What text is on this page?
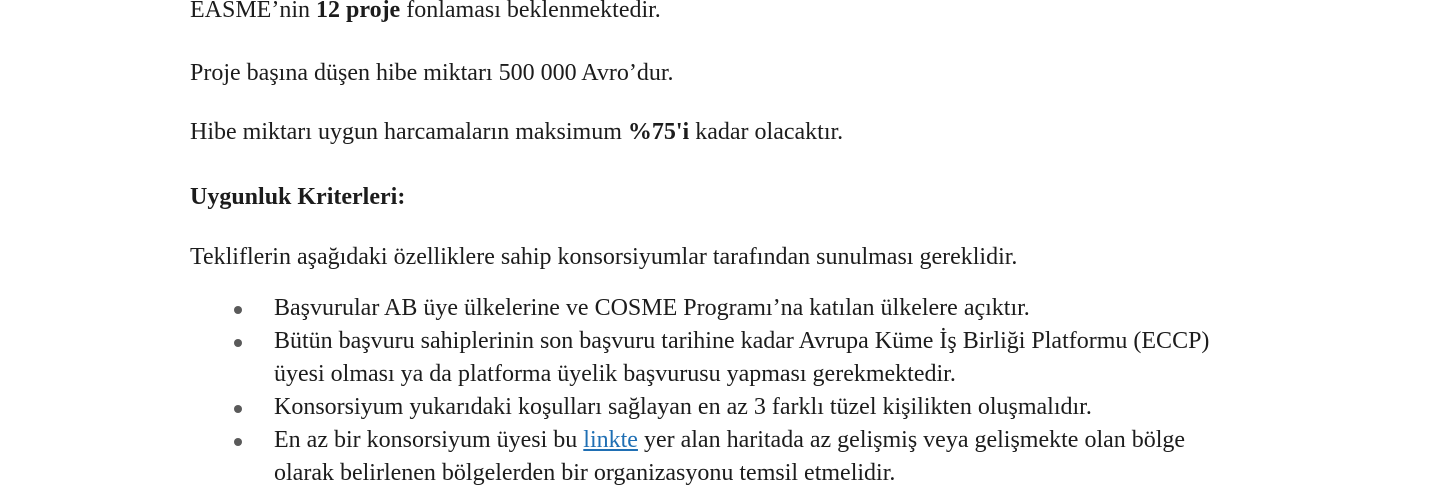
EASME’nin 12 proje fonlaması beklenmektedir.

Proje başına düşen hibe miktarı 500 000 Avro’dur.

Hibe miktarı uygun harcamaların maksimum %75'i kadar olacaktır.

Uygunluk Kriterleri:

Tekliflerin aşağıdaki özelliklere sahip konsorsiyumlar tarafından sunulması gereklidir.

Başvurular AB üye ülkelerine ve COSME Programı’na katılan ülkelere açıktır.
Bütün başvuru sahiplerinin son başvuru tarihine kadar Avrupa Küme İş Birliği Platformu (ECCP)
üyesi olması ya da platforma üyelik başvurusu yapması gerekmektedir.
Konsorsiyum yukarıdaki koşulları sağlayan en az 3 farklı tüzel kişilikten oluşmalıdır.
En az bir konsorsiyum üyesi bu linkte yer alan haritada az gelişmiş veya gelişmekte olan bölge
olarak belirlenen bölgelerden bir organizasyonu temsil etmelidir.
